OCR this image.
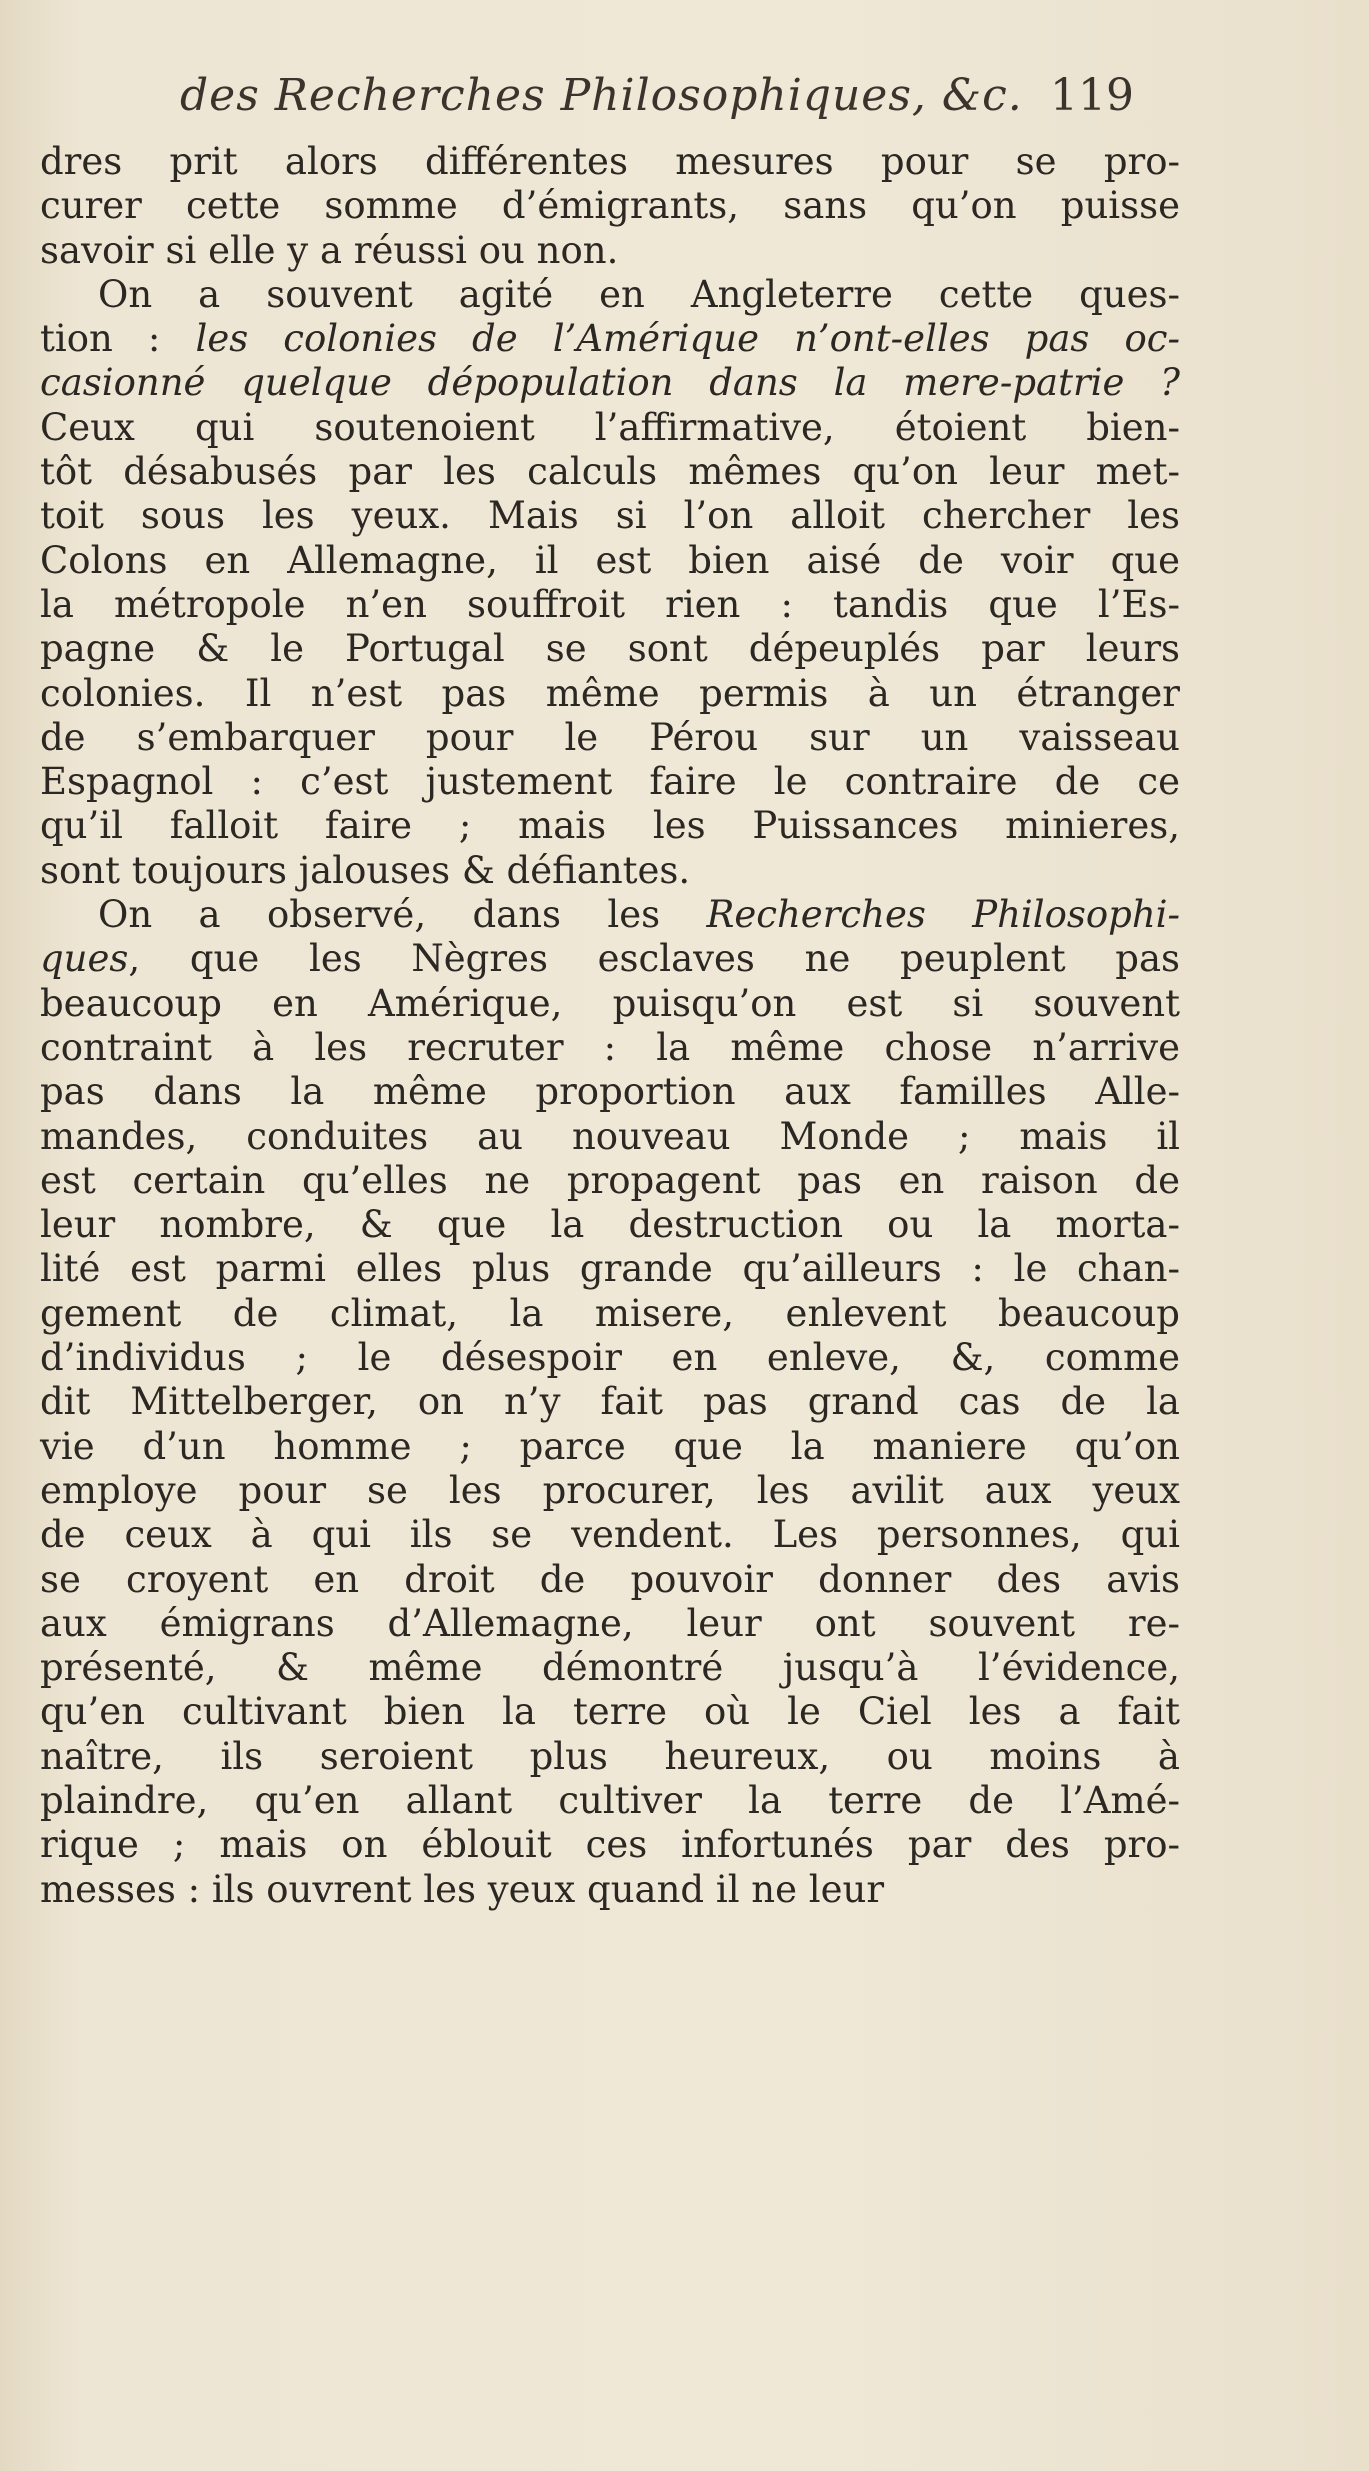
des Recherches Philosophiques, &c. 119
dres prit alors différentes mesures pour se pro-
curer cette somme d’émigrants, sans qu’on puisse
savoir si elle y a réussi ou non.
On a souvent agité en Angleterre cette ques-
tion : les colonies de l’Amérique n’ont-elles pas oc-
casionné quelque dépopulation dans la mere-patrie ?
Ceux qui soutenoient l’affirmative, étoient bien-
tôt désabusés par les calculs mêmes qu’on leur met-
toit sous les yeux. Mais si l’on alloit chercher les
Colons en Allemagne, il est bien aisé de voir que
la métropole n’en souffroit rien : tandis que l’Es-
pagne & le Portugal se sont dépeuplés par leurs
colonies. Il n’est pas même permis à un étranger
de s’embarquer pour le Pérou sur un vaisseau
Espagnol : c’est justement faire le contraire de ce
qu’il falloit faire ; mais les Puissances minieres,
sont toujours jalouses & défiantes.
On a observé, dans les Recherches Philosophi-
ques, que les Nègres esclaves ne peuplent pas
beaucoup en Amérique, puisqu’on est si souvent
contraint à les recruter : la même chose n’arrive
pas dans la même proportion aux familles Alle-
mandes, conduites au nouveau Monde ; mais il
est certain qu’elles ne propagent pas en raison de
leur nombre, & que la destruction ou la morta-
lité est parmi elles plus grande qu’ailleurs : le chan-
gement de climat, la misere, enlevent beaucoup
d’individus ; le désespoir en enleve, &, comme
dit Mittelberger, on n’y fait pas grand cas de la
vie d’un homme ; parce que la maniere qu’on
employe pour se les procurer, les avilit aux yeux
de ceux à qui ils se vendent. Les personnes, qui
se croyent en droit de pouvoir donner des avis
aux émigrans d’Allemagne, leur ont souvent re-
présenté, & même démontré jusqu’à l’évidence,
qu’en cultivant bien la terre où le Ciel les a fait
naître, ils seroient plus heureux, ou moins à
plaindre, qu’en allant cultiver la terre de l’Amé-
rique ; mais on éblouit ces infortunés par des pro-
messes : ils ouvrent les yeux quand il ne leur
